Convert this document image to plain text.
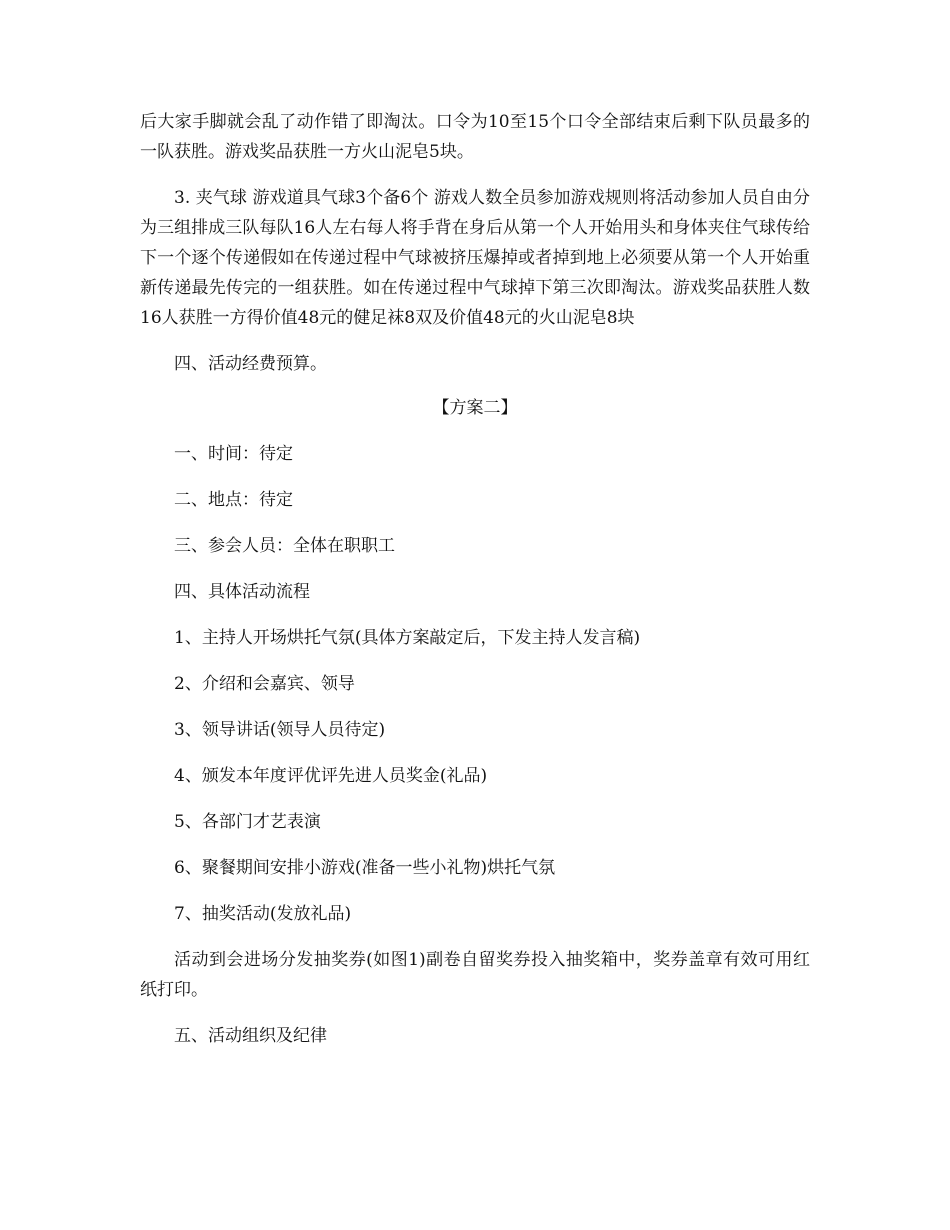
后大家手脚就会乱了动作错了即淘汰。口令为10至15个口令全部结束后剩下队员最多的一队获胜。游戏奖品获胜一方火山泥皂5块。

3. 夹气球 游戏道具气球3个备6个 游戏人数全员参加游戏规则将活动参加人员自由分为三组排成三队每队16人左右每人将手背在身后从第一个人开始用头和身体夹住气球传给下一个逐个传递假如在传递过程中气球被挤压爆掉或者掉到地上必须要从第一个人开始重新传递最先传完的一组获胜。如在传递过程中气球掉下第三次即淘汰。游戏奖品获胜人数16人获胜一方得价值48元的健足袜8双及价值48元的火山泥皂8块

四、活动经费预算。

【方案二】

一、时间：待定

二、地点：待定

三、参会人员：全体在职职工

四、具体活动流程

1、主持人开场烘托气氛(具体方案敲定后，下发主持人发言稿)

2、介绍和会嘉宾、领导

3、领导讲话(领导人员待定)

4、颁发本年度评优评先进人员奖金(礼品)

5、各部门才艺表演

6、聚餐期间安排小游戏(准备一些小礼物)烘托气氛

7、抽奖活动(发放礼品)

活动到会进场分发抽奖券(如图1)副卷自留奖券投入抽奖箱中，奖券盖章有效可用红纸打印。

五、活动组织及纪律
